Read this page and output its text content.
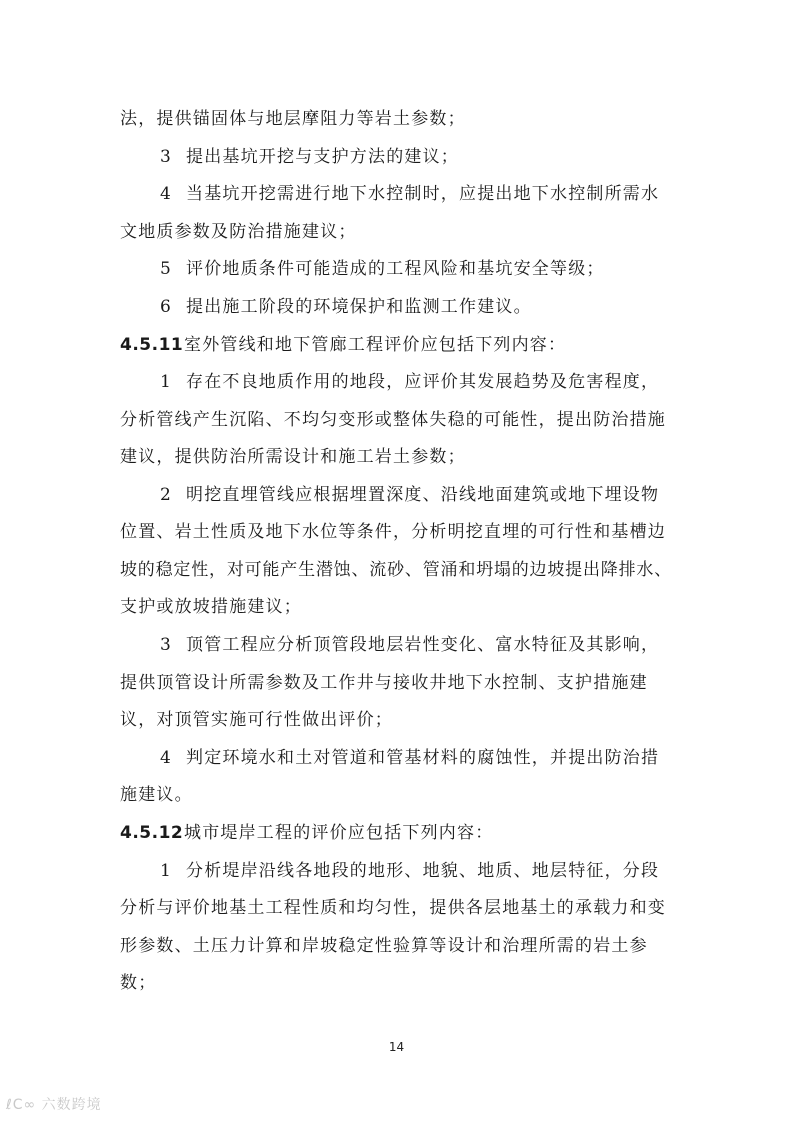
法，提供锚固体与地层摩阻力等岩土参数；
3 提出基坑开挖与支护方法的建议；
4 当基坑开挖需进行地下水控制时，应提出地下水控制所需水
文地质参数及防治措施建议；
5 评价地质条件可能造成的工程风险和基坑安全等级；
6 提出施工阶段的环境保护和监测工作建议。
4.5.11 室外管线和地下管廊工程评价应包括下列内容：
1 存在不良地质作用的地段，应评价其发展趋势及危害程度，
分析管线产生沉陷、不均匀变形或整体失稳的可能性，提出防治措施
建议，提供防治所需设计和施工岩土参数；
2 明挖直埋管线应根据埋置深度、沿线地面建筑或地下埋设物
位置、岩土性质及地下水位等条件，分析明挖直埋的可行性和基槽边
坡的稳定性，对可能产生潜蚀、流砂、管涌和坍塌的边坡提出降排水、
支护或放坡措施建议；
3 顶管工程应分析顶管段地层岩性变化、富水特征及其影响，
提供顶管设计所需参数及工作井与接收井地下水控制、支护措施建
议，对顶管实施可行性做出评价；
4 判定环境水和土对管道和管基材料的腐蚀性，并提出防治措
施建议。
4.5.12 城市堤岸工程的评价应包括下列内容：
1 分析堤岸沿线各地段的地形、地貌、地质、地层特征，分段
分析与评价地基土工程性质和均匀性，提供各层地基土的承载力和变
形参数、土压力计算和岸坡稳定性验算等设计和治理所需的岩土参
数；
14
ℓC∞ 六数跨境
